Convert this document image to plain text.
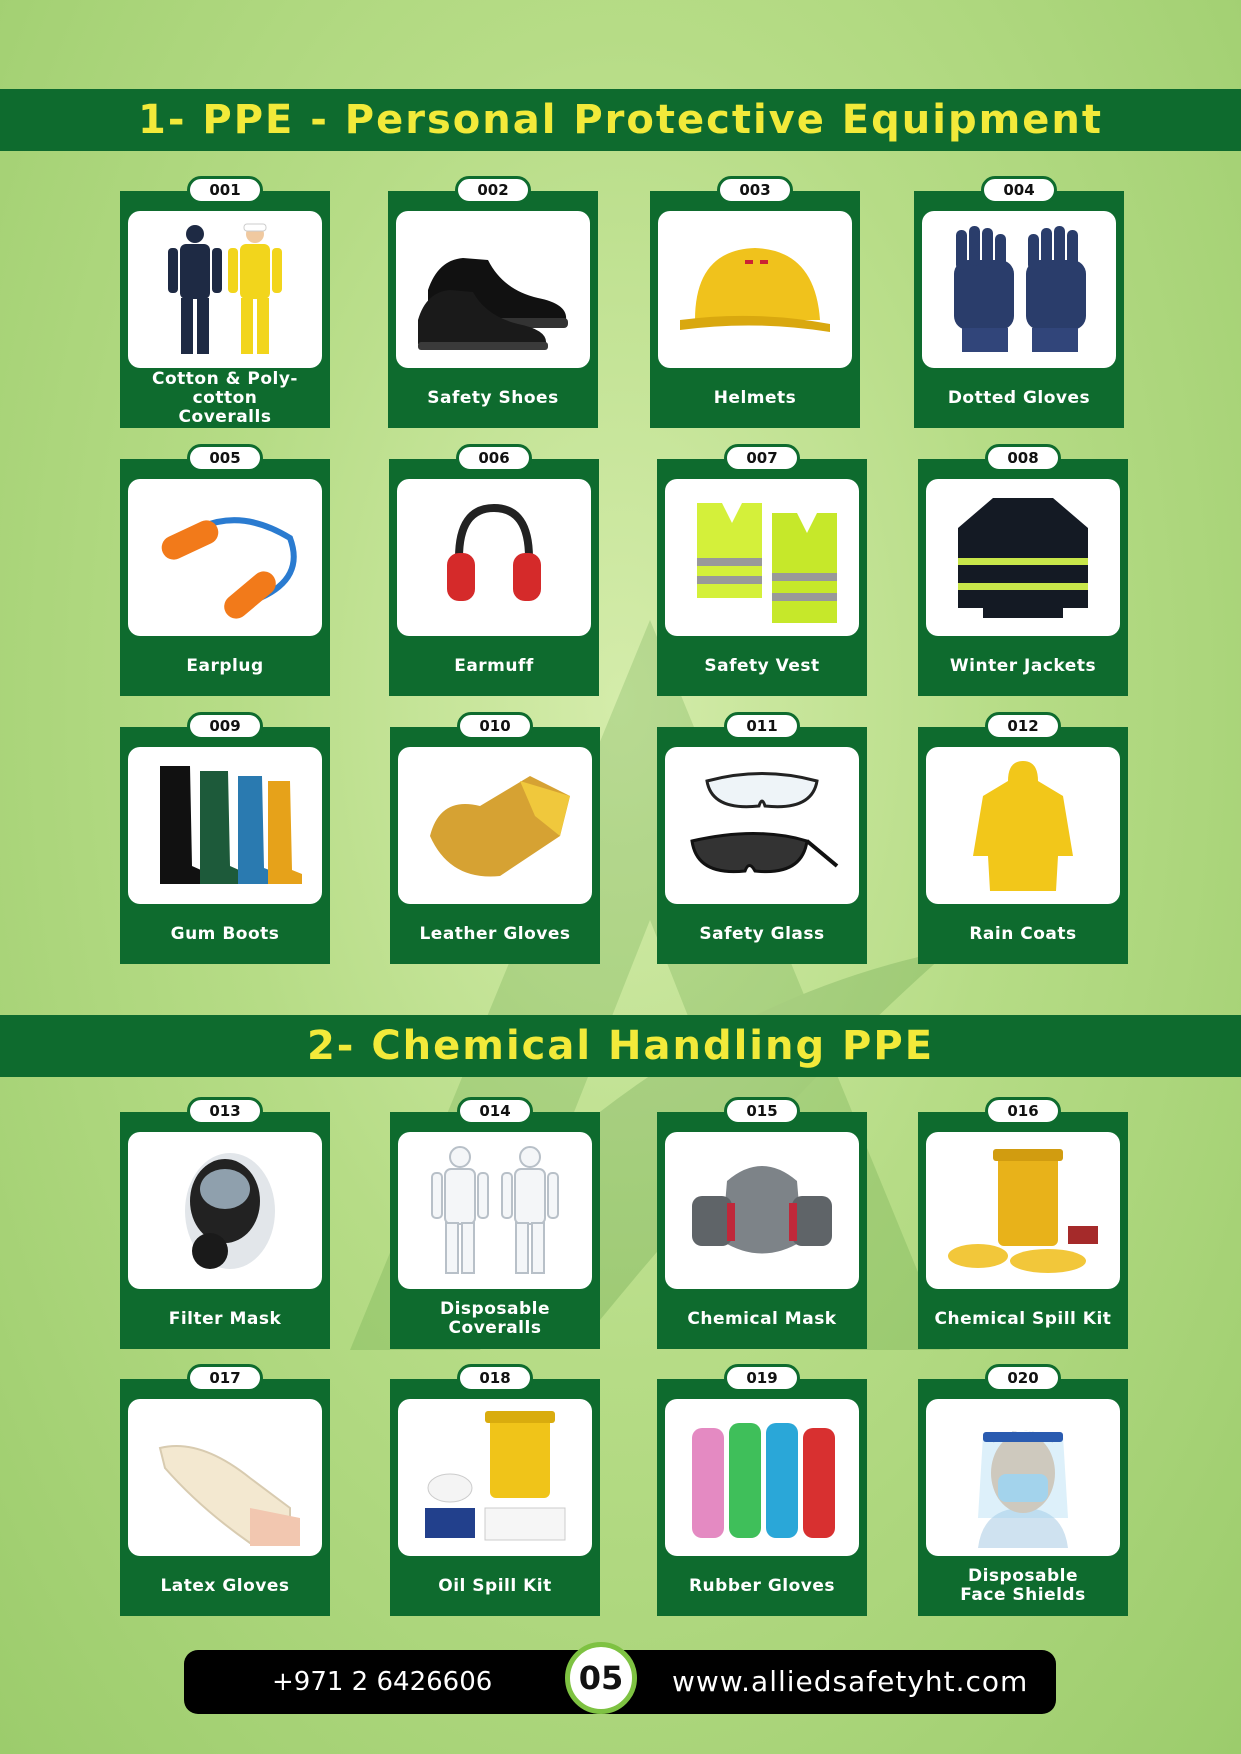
1- PPE - Personal Protective Equipment
2- Chemical Handling PPE
001
Cotton & Poly-cotton
Coveralls
002
Safety Shoes
003
Helmets
004
Dotted Gloves
005
Earplug
006
Earmuff
007
Safety Vest
008
Winter Jackets
009
Gum Boots
010
Leather Gloves
011
Safety Glass
012
Rain Coats
013
Filter Mask
014
Disposable Coveralls
015
Chemical Mask
016
Chemical Spill Kit
017
Latex Gloves
018
Oil Spill Kit
019
Rubber Gloves
020
Disposable
Face Shields
+971 2 6426606	05	www.alliedsafetyht.com
